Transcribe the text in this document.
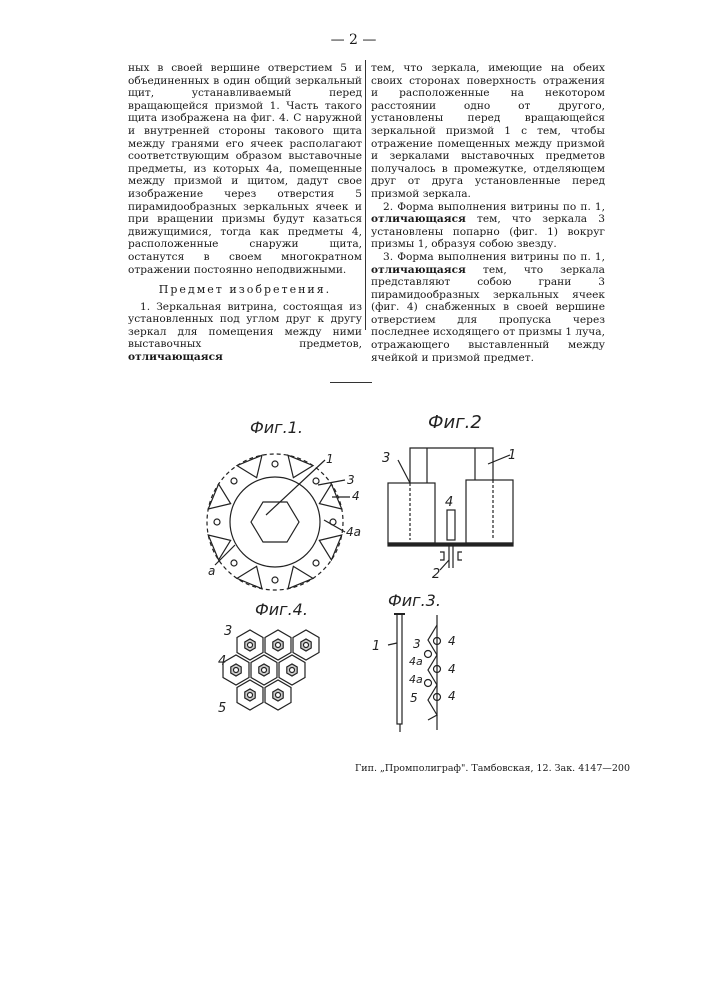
— 2 —

ных в своей вершине отверстием 5 и объединенных в один общий зеркальный щит, устанавливаемый перед вращающейся призмой 1. Часть такого щита изображена на фиг. 4. С наружной и внутренней стороны такового щита между гранями его ячеек располагают соответствующим образом выставочные предметы, из которых 4а, помещенные между призмой и щитом, дадут свое изображение через отверстия 5 пирамидообразных зеркальных ячеек и при вращении призмы будут казаться движущимися, тогда как предметы 4, расположенные снаружи щита, останутся в своем многократном отражении постоянно неподвижными.

Предмет изобретения.

1. Зеркальная витрина, состоящая из установленных под углом друг к другу зеркал для помещения между ними выставочных предметов, отличающаяся

тем, что зеркала, имеющие на обеих своих сторонах поверхность отражения и расположенные на некотором расстоянии одно от другого, установлены перед вращающейся зеркальной призмой 1 с тем, чтобы отражение помещенных между призмой и зеркалами выставочных предметов получалось в промежутке, отделяющем друг от друга установленные перед призмой зеркала.

2. Форма выполнения витрины по п. 1, отличающаяся тем, что зеркала 3 установлены попарно (фиг. 1) вокруг призмы 1, образуя собою звезду.

3. Форма выполнения витрины по п. 1, отличающаяся тем, что зеркала представляют собою грани 3 пирамидообразных зеркальных ячеек (фиг. 4) снабженных в своей вершине отверстием для пропуска через последнее исходящего от призмы 1 луча, отражающего выставленный между ячейкой и призмой предмет.

Фиг.1.
1
3
4
4a
a
Фиг.2
3	1
4
2
Фиг.4.
3
4
5
Фиг.3.
1	3 4
4a
4
4a
5	4
Гип. „Промполиграф". Тамбовская, 12. Зак. 4147—200
